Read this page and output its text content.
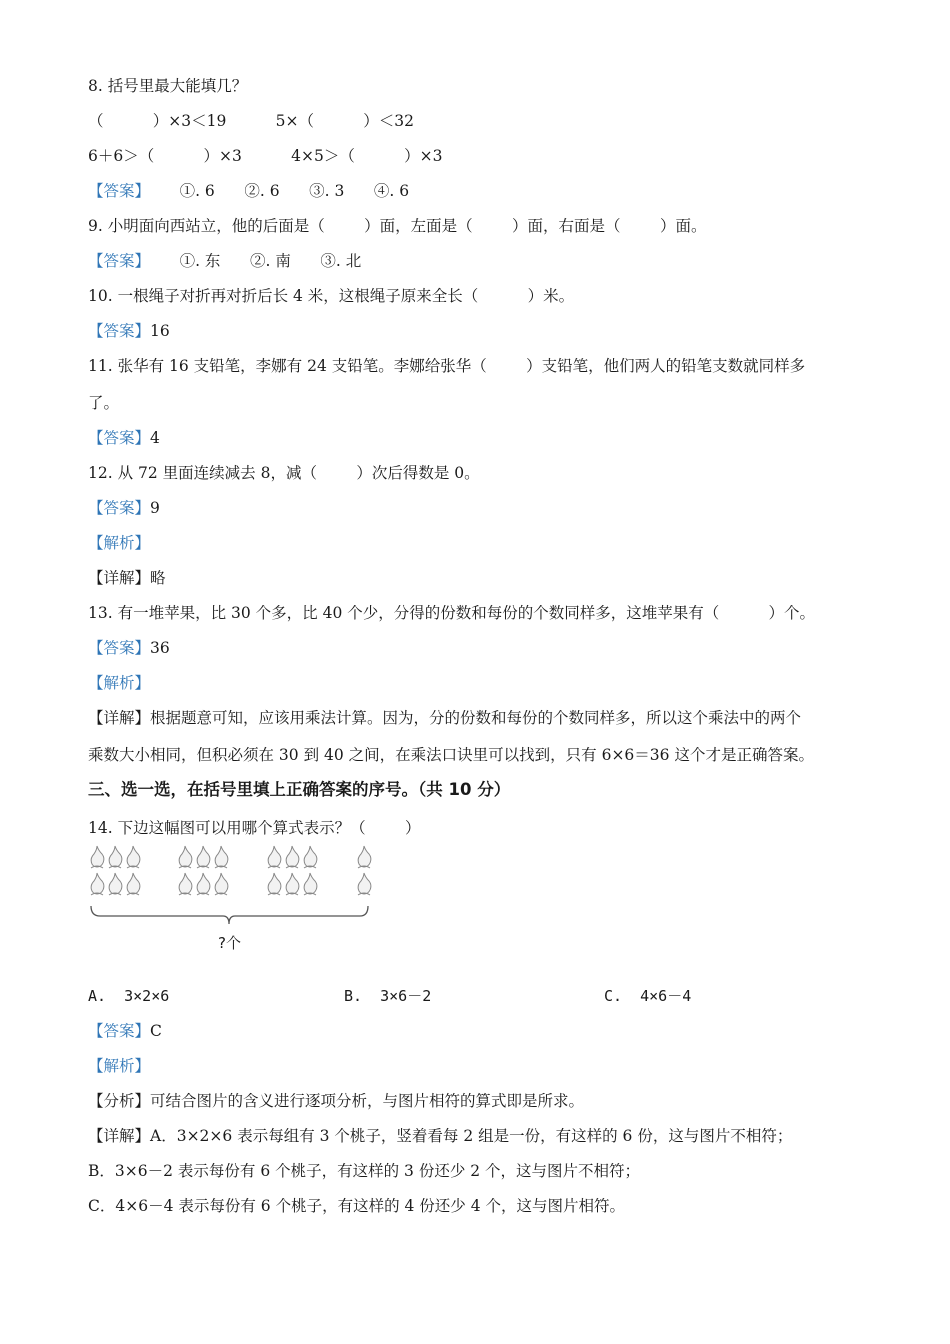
8. 括号里最大能填几？
（          ）×3＜19          5×（          ）＜32
6＋6＞（          ）×3          4×5＞（          ）×3
【答案】      ①. 6      ②. 6      ③. 3      ④. 6
9. 小明面向西站立，他的后面是（        ）面，左面是（        ）面，右面是（        ）面。
【答案】      ①. 东      ②. 南      ③. 北
10. 一根绳子对折再对折后长 4 米，这根绳子原来全长（          ）米。
【答案】16
11. 张华有 16 支铅笔，李娜有 24 支铅笔。李娜给张华（        ）支铅笔，他们两人的铅笔支数就同样多
了。
【答案】4
12. 从 72 里面连续减去 8，减（        ）次后得数是 0。
【答案】9
【解析】
【详解】略
13. 有一堆苹果，比 30 个多，比 40 个少，分得的份数和每份的个数同样多，这堆苹果有（          ）个。
【答案】36
【解析】
【详解】根据题意可知，应该用乘法计算。因为，分的份数和每份的个数同样多，所以这个乘法中的两个
乘数大小相同，但积必须在 30 到 40 之间，在乘法口诀里可以找到，只有 6×6＝36 这个才是正确答案。
三、选一选，在括号里填上正确答案的序号。（共 10 分）
14. 下边这幅图可以用哪个算式表示？（        ）
?个
A.  3×2×6	B.  3×6－2	C.  4×6－4
【答案】C
【解析】
【分析】可结合图片的含义进行逐项分析，与图片相符的算式即是所求。
【详解】A．3×2×6 表示每组有 3 个桃子，竖着看每 2 组是一份，有这样的 6 份，这与图片不相符；
B．3×6－2 表示每份有 6 个桃子，有这样的 3 份还少 2 个，这与图片不相符；
C．4×6－4 表示每份有 6 个桃子，有这样的 4 份还少 4 个，这与图片相符。
